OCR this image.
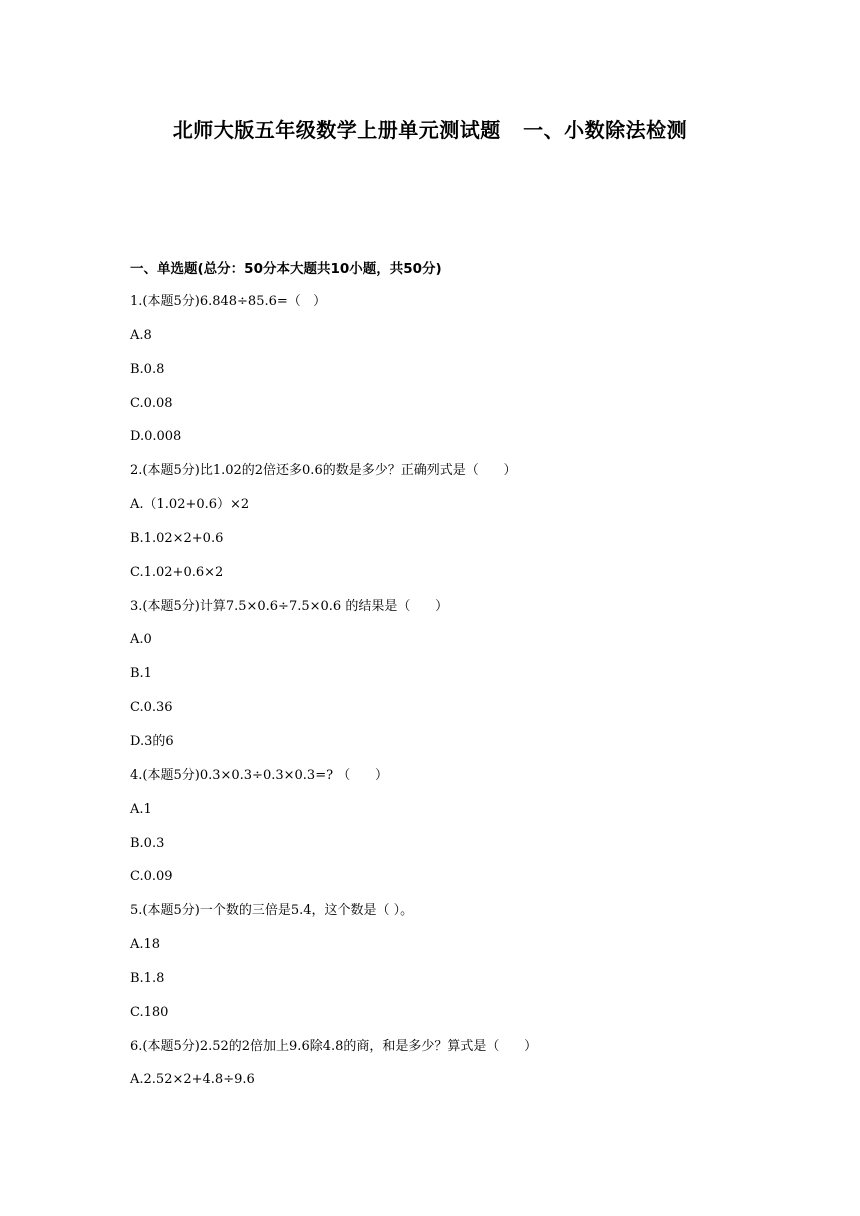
北师大版五年级数学上册单元测试题   一、小数除法检测
一、单选题(总分：50分本大题共10小题，共50分)
1.(本题5分)6.848÷85.6=（   ）
A.8
B.0.8
C.0.08
D.0.008
2.(本题5分)比1.02的2倍还多0.6的数是多少？正确列式是（      ）
A.（1.02+0.6）×2
B.1.02×2+0.6
C.1.02+0.6×2
3.(本题5分)计算7.5×0.6÷7.5×0.6 的结果是（      ）
A.0
B.1
C.0.36
D.3的6
4.(本题5分)0.3×0.3÷0.3×0.3=? （      ）
A.1
B.0.3
C.0.09
5.(本题5分)一个数的三倍是5.4，这个数是（ ）。
A.18
B.1.8
C.180
6.(本题5分)2.52的2倍加上9.6除4.8的商，和是多少？算式是（      ）
A.2.52×2+4.8÷9.6
